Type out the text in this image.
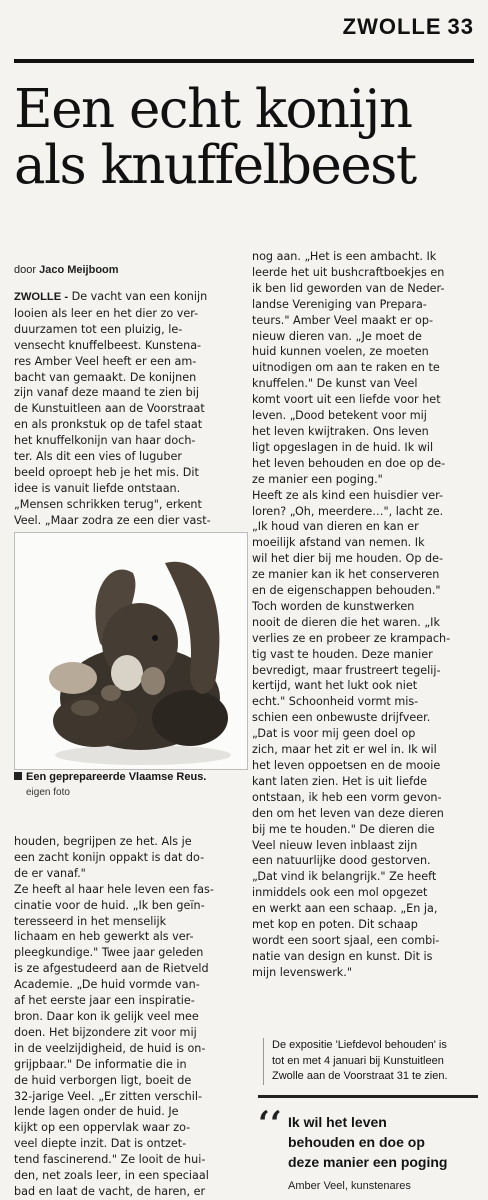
ZWOLLE 33
Een echt konijn
als knuffelbeest
door Jaco Meijboom
ZWOLLE - De vacht van een konijn
looien als leer en het dier zo ver-
duurzamen tot een pluizig, le-
vensecht knuffelbeest. Kunstena-
res Amber Veel heeft er een am-
bacht van gemaakt. De konijnen
zijn vanaf deze maand te zien bij
de Kunstuitleen aan de Voorstraat
en als pronkstuk op de tafel staat
het knuffelkonijn van haar doch-
ter. Als dit een vies of luguber
beeld oproept heb je het mis. Dit
idee is vanuit liefde ontstaan.
„Mensen schrikken terug", erkent
Veel. „Maar zodra ze een dier vast-
Een geprepareerde Vlaamse Reus.
eigen foto
houden, begrijpen ze het. Als je
een zacht konijn oppakt is dat do-
de er vanaf."
Ze heeft al haar hele leven een fas-
cinatie voor de huid. „Ik ben geïn-
teresseerd in het menselijk
lichaam en heb gewerkt als ver-
pleegkundige." Twee jaar geleden
is ze afgestudeerd aan de Rietveld
Academie. „De huid vormde van-
af het eerste jaar een inspiratie-
bron. Daar kon ik gelijk veel mee
doen. Het bijzondere zit voor mij
in de veelzijdigheid, de huid is on-
grijpbaar." De informatie die in
de huid verborgen ligt, boeit de
32-jarige Veel. „Er zitten verschil-
lende lagen onder de huid. Je
kijkt op een oppervlak waar zo-
veel diepte inzit. Dat is ontzet-
tend fascinerend." Ze looit de hui-
den, net zoals leer, in een speciaal
bad en laat de vacht, de haren, er
nog aan. „Het is een ambacht. Ik
leerde het uit bushcraftboekjes en
ik ben lid geworden van de Neder-
landse Vereniging van Prepara-
teurs." Amber Veel maakt er op-
nieuw dieren van. „Je moet de
huid kunnen voelen, ze moeten
uitnodigen om aan te raken en te
knuffelen." De kunst van Veel
komt voort uit een liefde voor het
leven. „Dood betekent voor mij
het leven kwijtraken. Ons leven
ligt opgeslagen in de huid. Ik wil
het leven behouden en doe op de-
ze manier een poging."
Heeft ze als kind een huisdier ver-
loren? „Oh, meerdere…", lacht ze.
„Ik houd van dieren en kan er
moeilijk afstand van nemen. Ik
wil het dier bij me houden. Op de-
ze manier kan ik het conserveren
en de eigenschappen behouden."
Toch worden de kunstwerken
nooit de dieren die het waren. „Ik
verlies ze en probeer ze krampach-
tig vast te houden. Deze manier
bevredigt, maar frustreert tegelij-
kertijd, want het lukt ook niet
echt." Schoonheid vormt mis-
schien een onbewuste drijfveer.
„Dat is voor mij geen doel op
zich, maar het zit er wel in. Ik wil
het leven oppoetsen en de mooie
kant laten zien. Het is uit liefde
ontstaan, ik heb een vorm gevon-
den om het leven van deze dieren
bij me te houden." De dieren die
Veel nieuw leven inblaast zijn
een natuurlijke dood gestorven.
„Dat vind ik belangrijk." Ze heeft
inmiddels ook een mol opgezet
en werkt aan een schaap. „En ja,
met kop en poten. Dit schaap
wordt een soort sjaal, een combi-
natie van design en kunst. Dit is
mijn levenswerk."
De expositie 'Liefdevol behouden' is
tot en met 4 januari bij Kunstuitleen
Zwolle aan de Voorstraat 31 te zien.
‘‘ Ik wil het leven
behouden en doe op
deze manier een poging
Amber Veel, kunstenares
